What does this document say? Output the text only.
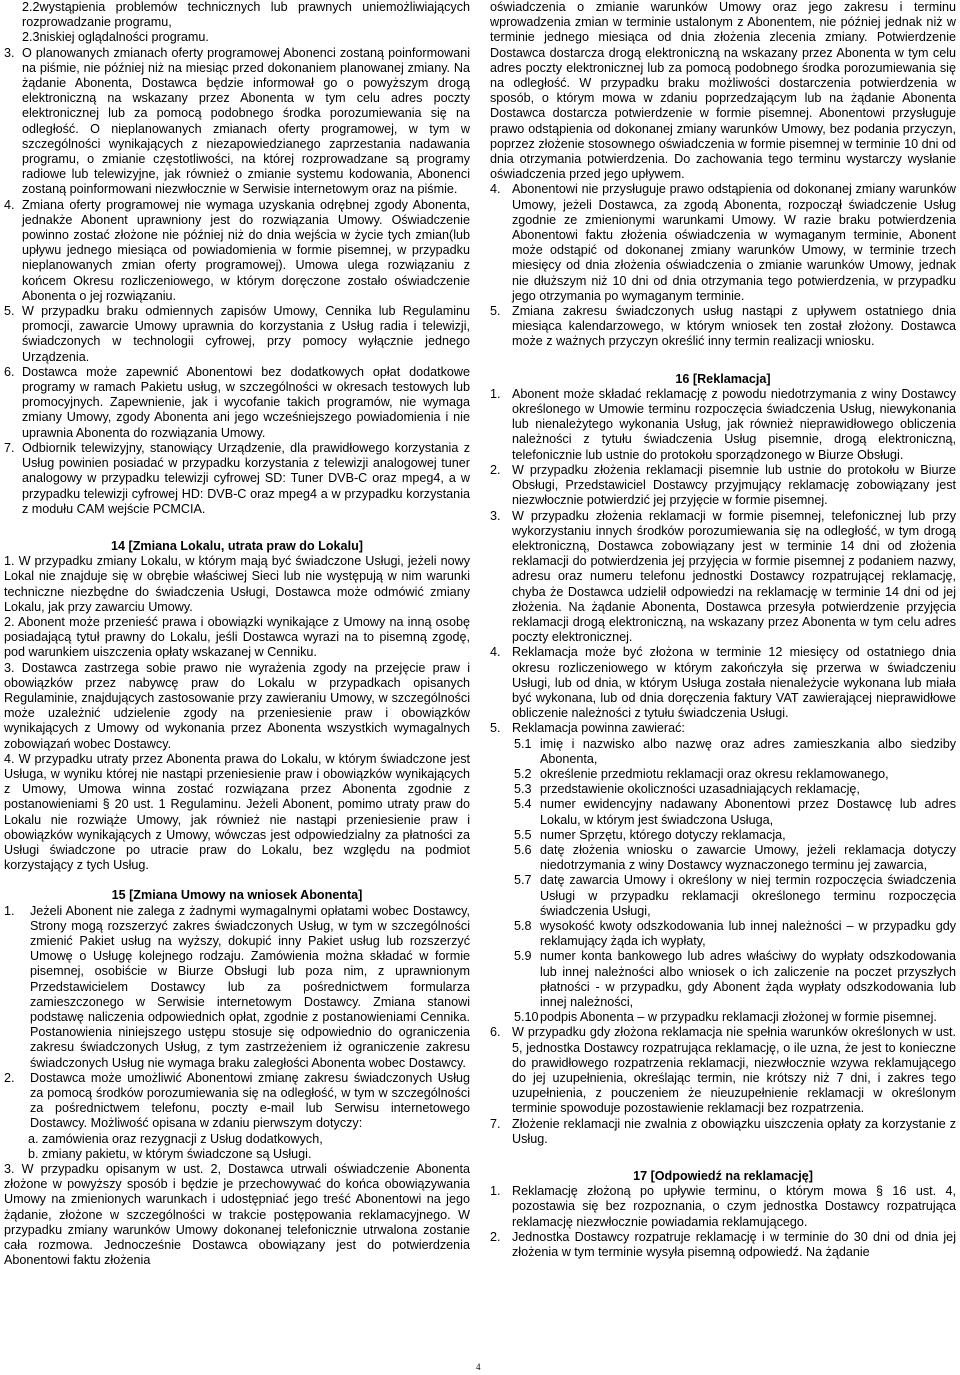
2.2wystąpienia problemów technicznych lub prawnych uniemożliwiających rozprowadzanie programu,

2.3niskiej oglądalności programu.

3. O planowanych zmianach oferty programowej Abonenci zostaną poinformowani na piśmie, nie później niż na miesiąc przed dokonaniem planowanej zmiany. Na żądanie Abonenta, Dostawca będzie informował go o powyższym drogą elektroniczną na wskazany przez Abonenta w tym celu adres poczty elektronicznej lub za pomocą podobnego środka porozumiewania się na odległość. O nieplanowanych zmianach oferty programowej, w tym w szczególności wynikających z niezapowiedzianego zaprzestania nadawania programu, o zmianie częstotliwości, na której rozprowadzane są programy radiowe lub telewizyjne, jak również o zmianie systemu kodowania, Abonenci zostaną poinformowani niezwłocznie w Serwisie internetowym oraz na piśmie.
4. Zmiana oferty programowej nie wymaga uzyskania odrębnej zgody Abonenta, jednakże Abonent uprawniony jest do rozwiązania Umowy. Oświadczenie powinno zostać złożone nie później niż do dnia wejścia w życie tych zmian(lub upływu jednego miesiąca od powiadomienia w formie pisemnej, w przypadku nieplanowanych zmian oferty programowej). Umowa ulega rozwiązaniu z końcem Okresu rozliczeniowego, w którym doręczone zostało oświadczenie Abonenta o jej rozwiązaniu.
5. W przypadku braku odmiennych zapisów Umowy, Cennika lub Regulaminu promocji, zawarcie Umowy uprawnia do korzystania z Usług radia i telewizji, świadczonych w technologii cyfrowej, przy pomocy wyłącznie jednego Urządzenia.
6. Dostawca może zapewnić Abonentowi bez dodatkowych opłat dodatkowe programy w ramach Pakietu usług, w szczególności w okresach testowych lub promocyjnych. Zapewnienie, jak i wycofanie takich programów, nie wymaga zmiany Umowy, zgody Abonenta ani jego wcześniejszego powiadomienia i nie uprawnia Abonenta do rozwiązania Umowy.
7. Odbiornik telewizyjny, stanowiący Urządzenie, dla prawidłowego korzystania z Usług powinien posiadać w przypadku korzystania z telewizji analogowej tuner analogowy w przypadku telewizji cyfrowej SD: Tuner DVB-C oraz mpeg4, a w przypadku telewizji cyfrowej HD: DVB-C oraz mpeg4 a w przypadku korzystania z modułu CAM wejście PCMCIA.
14 [Zmiana Lokalu, utrata praw do Lokalu]

1. W przypadku zmiany Lokalu, w którym mają być świadczone Usługi, jeżeli nowy Lokal nie znajduje się w obrębie właściwej Sieci lub nie występują w nim warunki techniczne niezbędne do świadczenia Usługi, Dostawca może odmówić zmiany Lokalu, jak przy zawarciu Umowy.

2. Abonent może przenieść prawa i obowiązki wynikające z Umowy na inną osobę posiadającą tytuł prawny do Lokalu, jeśli Dostawca wyrazi na to pisemną zgodę, pod warunkiem uiszczenia opłaty wskazanej w Cenniku.

3. Dostawca zastrzega sobie prawo nie wyrażenia zgody na przejęcie praw i obowiązków przez nabywcę praw do Lokalu w przypadkach opisanych Regulaminie, znajdujących zastosowanie przy zawieraniu Umowy, w szczególności może uzależnić udzielenie zgody na przeniesienie praw i obowiązków wynikających z Umowy od wykonania przez Abonenta wszystkich wymagalnych zobowiązań wobec Dostawcy.

4. W przypadku utraty przez Abonenta prawa do Lokalu, w którym świadczone jest Usługa, w wyniku której nie nastąpi przeniesienie praw i obowiązków wynikających z Umowy, Umowa winna zostać rozwiązana przez Abonenta zgodnie z postanowieniami § 20 ust. 1 Regulaminu. Jeżeli Abonent, pomimo utraty praw do Lokalu nie rozwiąże Umowy, jak również nie nastąpi przeniesienie praw i obowiązków wynikających z Umowy, wówczas jest odpowiedzialny za płatności za Usługi świadczone po utracie praw do Lokalu, bez względu na podmiot korzystający z tych Usług.

15 [Zmiana Umowy na wniosek Abonenta]
1.	Jeżeli Abonent nie zalega z żadnymi wymagalnymi opłatami wobec Dostawcy, Strony mogą rozszerzyć zakres świadczonych Usług, w tym w szczególności zmienić Pakiet usług na wyższy, dokupić inny Pakiet usług lub rozszerzyć Umowę o Usługę kolejnego rodzaju. Zamówienia można składać w formie pisemnej, osobiście w Biurze Obsługi lub poza nim, z uprawnionym Przedstawicielem Dostawcy lub za pośrednictwem formularza zamieszczonego w Serwisie internetowym Dostawcy. Zmiana stanowi podstawę naliczenia odpowiednich opłat, zgodnie z postanowieniami Cennika. Postanowienia niniejszego ustępu stosuje się odpowiednio do ograniczenia zakresu świadczonych Usług, z tym zastrzeżeniem iż ograniczenie zakresu świadczonych Usług nie wymaga braku zaległości Abonenta wobec Dostawcy.
2.	Dostawca może umożliwić Abonentowi zmianę zakresu świadczonych Usług za pomocą środków porozumiewania się na odległość, w tym w szczególności za pośrednictwem telefonu, poczty e-mail lub Serwisu internetowego Dostawcy. Możliwość opisana w zdaniu pierwszym dotyczy:

a. zamówienia oraz rezygnacji z Usług dodatkowych,

b. zmiany pakietu, w którym świadczone są Usługi.

3. W przypadku opisanym w ust. 2, Dostawca utrwali oświadczenie Abonenta złożone w powyższy sposób i będzie je przechowywać do końca obowiązywania Umowy na zmienionych warunkach i udostępniać jego treść Abonentowi na jego żądanie, złożone w szczególności w trakcie postępowania reklamacyjnego. W przypadku zmiany warunków Umowy dokonanej telefonicznie utrwalona zostanie cała rozmowa. Jednocześnie Dostawca obowiązany jest do potwierdzenia Abonentowi faktu złożenia

oświadczenia o zmianie warunków Umowy oraz jego zakresu i terminu wprowadzenia zmian w terminie ustalonym z Abonentem, nie później jednak niż w terminie jednego miesiąca od dnia złożenia zlecenia zmiany. Potwierdzenie Dostawca dostarcza drogą elektroniczną na wskazany przez Abonenta w tym celu adres poczty elektronicznej lub za pomocą podobnego środka porozumiewania się na odległość. W przypadku braku możliwości dostarczenia potwierdzenia w sposób, o którym mowa w zdaniu poprzedzającym lub na żądanie Abonenta Dostawca dostarcza potwierdzenie w formie pisemnej. Abonentowi przysługuje prawo odstąpienia od dokonanej zmiany warunków Umowy, bez podania przyczyn, poprzez złożenie stosownego oświadczenia w formie pisemnej w terminie 10 dni od dnia otrzymania potwierdzenia. Do zachowania tego terminu wystarczy wysłanie oświadczenia przed jego upływem.

4. Abonentowi nie przysługuje prawo odstąpienia od dokonanej zmiany warunków Umowy, jeżeli Dostawca, za zgodą Abonenta, rozpoczął świadczenie Usług zgodnie ze zmienionymi warunkami Umowy. W razie braku potwierdzenia Abonentowi faktu złożenia oświadczenia w wymaganym terminie, Abonent może odstąpić od dokonanej zmiany warunków Umowy, w terminie trzech miesięcy od dnia złożenia oświadczenia o zmianie warunków Umowy, jednak nie dłuższym niż 10 dni od dnia otrzymania tego potwierdzenia, w przypadku jego otrzymania po wymaganym terminie.
5. Zmiana zakresu świadczonych usług nastąpi z upływem ostatniego dnia miesiąca kalendarzowego, w którym wniosek ten został złożony. Dostawca może z ważnych przyczyn określić inny termin realizacji wniosku.
16 [Reklamacja]
1. Abonent może składać reklamację z powodu niedotrzymania z winy Dostawcy określonego w Umowie terminu rozpoczęcia świadczenia Usług, niewykonania lub nienależytego wykonania Usług, jak również nieprawidłowego obliczenia należności z tytułu świadczenia Usług pisemnie, drogą elektroniczną, telefonicznie lub ustnie do protokołu sporządzonego w Biurze Obsługi.
2. W przypadku złożenia reklamacji pisemnie lub ustnie do protokołu w Biurze Obsługi, Przedstawiciel Dostawcy przyjmujący reklamację zobowiązany jest niezwłocznie potwierdzić jej przyjęcie w formie pisemnej.
3. W przypadku złożenia reklamacji w formie pisemnej, telefonicznej lub przy wykorzystaniu innych środków porozumiewania się na odległość, w tym drogą elektroniczną, Dostawca zobowiązany jest w terminie 14 dni od złożenia reklamacji do potwierdzenia jej przyjęcia w formie pisemnej z podaniem nazwy, adresu oraz numeru telefonu jednostki Dostawcy rozpatrującej reklamację, chyba że Dostawca udzielił odpowiedzi na reklamację w terminie 14 dni od jej złożenia. Na żądanie Abonenta, Dostawca przesyła potwierdzenie przyjęcia reklamacji drogą elektroniczną, na wskazany przez Abonenta w tym celu adres poczty elektronicznej.
4. Reklamacja może być złożona w terminie 12 miesięcy od ostatniego dnia okresu rozliczeniowego w którym zakończyła się przerwa w świadczeniu Usługi, lub od dnia, w którym Usługa została nienależycie wykonana lub miała być wykonana, lub od dnia doręczenia faktury VAT zawierającej nieprawidłowe obliczenie należności z tytułu świadczenia Usługi.
5. Reklamacja powinna zawierać:
5.1 imię i nazwisko albo nazwę oraz adres zamieszkania albo siedziby Abonenta,
5.2 określenie przedmiotu reklamacji oraz okresu reklamowanego,
5.3 przedstawienie okoliczności uzasadniających reklamację,
5.4 numer ewidencyjny nadawany Abonentowi przez Dostawcę lub adres Lokalu, w którym jest świadczona Usługa,
5.5 numer Sprzętu, którego dotyczy reklamacja,
5.6 datę złożenia wniosku o zawarcie Umowy, jeżeli reklamacja dotyczy niedotrzymania z winy Dostawcy wyznaczonego terminu jej zawarcia,
5.7 datę zawarcia Umowy i określony w niej termin rozpoczęcia świadczenia Usługi w przypadku reklamacji określonego terminu rozpoczęcia świadczenia Usługi,
5.8 wysokość kwoty odszkodowania lub innej należności – w przypadku gdy reklamujący żąda ich wypłaty,
5.9 numer konta bankowego lub adres właściwy do wypłaty odszkodowania lub innej należności albo wniosek o ich zaliczenie na poczet przyszłych płatności - w przypadku, gdy Abonent żąda wypłaty odszkodowania lub innej należności,
5.10 podpis Abonenta – w przypadku reklamacji złożonej w formie pisemnej.
6. W przypadku gdy złożona reklamacja nie spełnia warunków określonych w ust. 5, jednostka Dostawcy rozpatrująca reklamację, o ile uzna, że jest to konieczne do prawidłowego rozpatrzenia reklamacji, niezwłocznie wzywa reklamującego do jej uzupełnienia, określając termin, nie krótszy niż 7 dni, i zakres tego uzupełnienia, z pouczeniem że nieuzupełnienie reklamacji w określonym terminie spowoduje pozostawienie reklamacji bez rozpatrzenia.
7. Złożenie reklamacji nie zwalnia z obowiązku uiszczenia opłaty za korzystanie z Usług.
17 [Odpowiedź na reklamację]
1. Reklamację złożoną po upływie terminu, o którym mowa § 16 ust. 4, pozostawia się bez rozpoznania, o czym jednostka Dostawcy rozpatrująca reklamację niezwłocznie powiadamia reklamującego.
2. Jednostka Dostawcy rozpatruje reklamację i w terminie do 30 dni od dnia jej złożenia w tym terminie wysyła pisemną odpowiedź. Na żądanie
4
